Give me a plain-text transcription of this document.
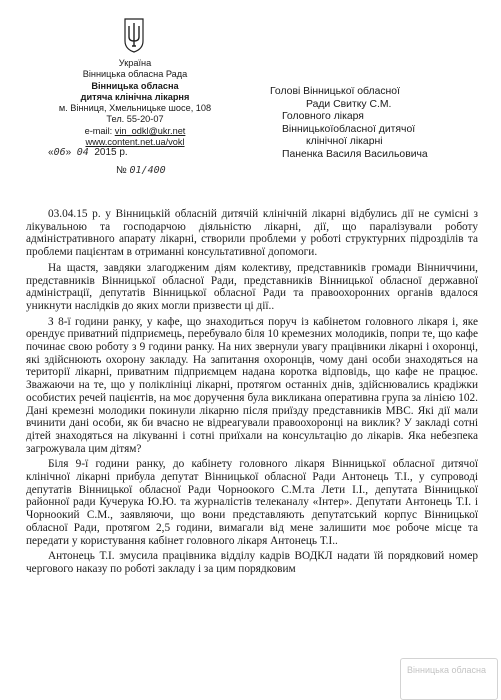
Україна
Вінницька обласна Рада
Вінницька обласна
дитяча клінічна лікарня
м. Вінниця, Хмельницьке шосе, 108
Тел. 55-20-07
e-mail: vin_odkl@ukr.net
www.content.net.ua/vokl
«06»  04 2015 р.
№ 01/400
Голові Вінницької обласної
Ради Свитку С.М.
Головного лікаря
Вінницькоїобласної дитячої
клінічної лікарні
Паненка Василя Васильовича

03.04.15 р. у Вінницькій обласній дитячій клінічній лікарні відбулись дії не сумісні з лікувальною та господарчою діяльністю лікарні, дії, що паралізували роботу адміністративного апарату лікарні, створили проблеми у роботі структурних підрозділів та проблеми пацієнтам в отриманні консультативної допомоги.

На щастя, завдяки злагодженим діям колективу, представників громади Вінниччини, представників Вінницької обласної Ради, представників Вінницької обласної державної адміністрації, депутатів Вінницької обласної Ради та правоохоронних органів вдалося уникнути наслідків до яких могли призвести ці дії..

З 8-ї години ранку, у кафе, що знаходиться поруч із кабінетом головного лікаря і, яке орендує приватний підприємець, перебувало біля 10 кремезних молодиків, попри те, що кафе починає свою роботу з 9 години ранку. На них звернули увагу працівники лікарні і охоронці, які здійснюють охорону закладу. На запитання охоронців, чому дані особи знаходяться на території лікарні, приватним підприємцем надана коротка відповідь, що кафе не працює. Зважаючи на те, що у поліклініці лікарні, протягом останніх днів, здійснювались крадіжки особистих речей пацієнтів, на моє доручення була викликана оперативна група за лінією 102. Дані кремезні молодики покинули лікарню після приїзду представників МВС. Які дії мали вчинити дані особи, як би вчасно не відреагували правоохоронці на виклик? У закладі сотні дітей знаходяться на лікуванні і сотні приїхали на консультацію до лікарів. Яка небезпека загрожувала цим дітям?

Біля 9-ї години ранку, до кабінету головного лікаря Вінницької обласної дитячої клінічної лікарні прибула депутат Вінницької обласної Ради Антонець Т.І., у супроводі депутатів Вінницької обласної Ради Чорноокого С.М.та Лети І.І., депутата Вінницької районної ради Кучерука Ю.Ю. та журналістів телеканалу «Інтер». Депутати Антонець Т.І. і Чорноокий С.М., заявляючи, що вони представляють депутатський корпус Вінницької обласної Ради, протягом 2,5 години, вимагали від мене залишити моє робоче місце та передати у користування кабінет головного лікаря Антонець Т.І..

Антонець Т.І. змусила працівника відділу кадрів ВОДКЛ надати їй порядковий номер чергового наказу по роботі закладу і за цим порядковим

Вінницька обласна
